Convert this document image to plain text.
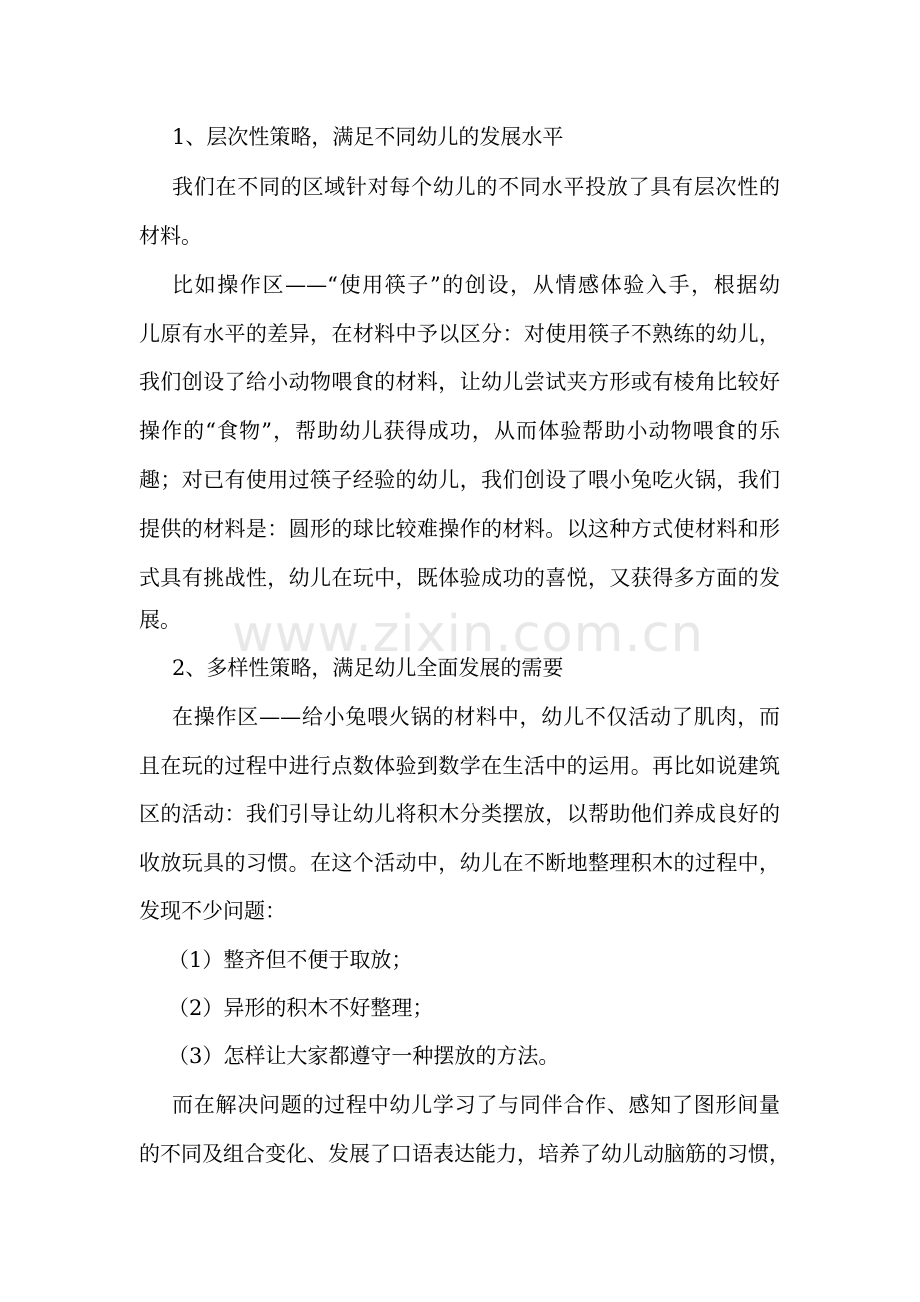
1、层次性策略，满足不同幼儿的发展水平
我们在不同的区域针对每个幼儿的不同水平投放了具有层次性的
材料。
比如操作区——“使用筷子”的创设，从情感体验入手，根据幼
儿原有水平的差异，在材料中予以区分：对使用筷子不熟练的幼儿，
我们创设了给小动物喂食的材料，让幼儿尝试夹方形或有棱角比较好
操作的“食物”，帮助幼儿获得成功，从而体验帮助小动物喂食的乐
趣；对已有使用过筷子经验的幼儿，我们创设了喂小兔吃火锅，我们
提供的材料是：圆形的球比较难操作的材料。以这种方式使材料和形
式具有挑战性，幼儿在玩中，既体验成功的喜悦，又获得多方面的发
展。
2、多样性策略，满足幼儿全面发展的需要
在操作区——给小兔喂火锅的材料中，幼儿不仅活动了肌肉，而
且在玩的过程中进行点数体验到数学在生活中的运用。再比如说建筑
区的活动：我们引导让幼儿将积木分类摆放，以帮助他们养成良好的
收放玩具的习惯。在这个活动中，幼儿在不断地整理积木的过程中，
发现不少问题：
（1）整齐但不便于取放；
（2）异形的积木不好整理；
（3）怎样让大家都遵守一种摆放的方法。
而在解决问题的过程中幼儿学习了与同伴合作、感知了图形间量
的不同及组合变化、发展了口语表达能力，培养了幼儿动脑筋的习惯，
www.zixin.com.cn
